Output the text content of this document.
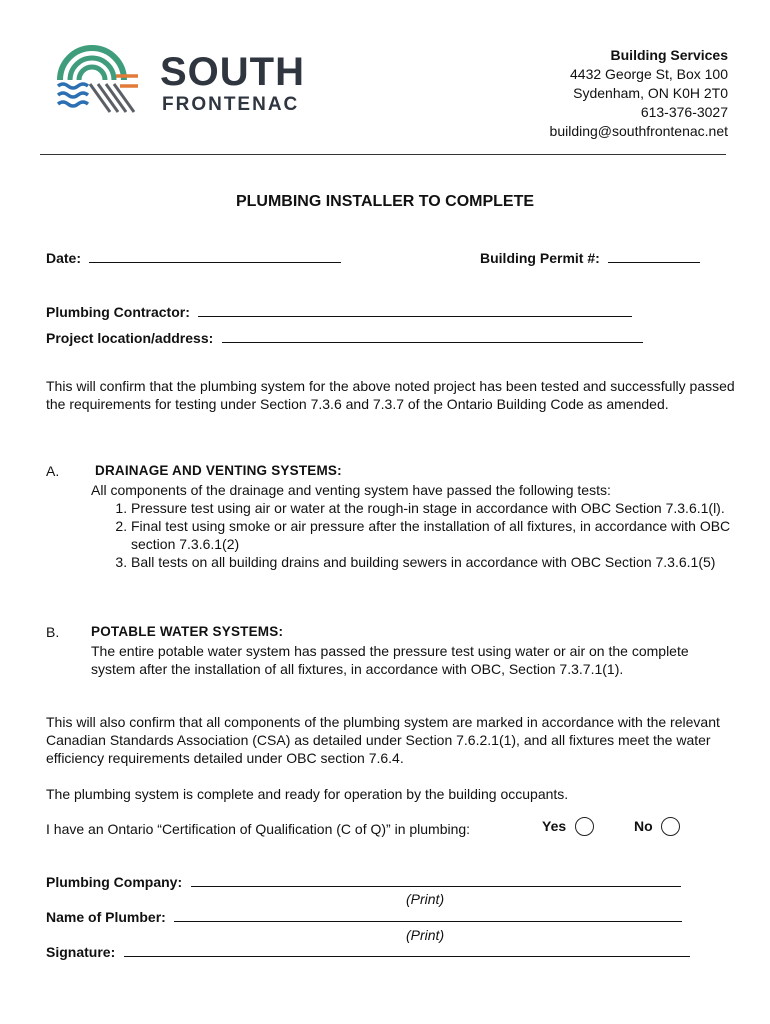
SOUTH
FRONTENAC
Building Services
4432 George St, Box 100
Sydenham, ON K0H 2T0
613-376-3027
building@southfrontenac.net
PLUMBING INSTALLER TO COMPLETE
Date:	Building Permit #:
Plumbing Contractor:
Project location/address:
This will confirm that the plumbing system for the above noted project has been tested and successfully passed the requirements for testing under Section 7.3.6 and 7.3.7 of the Ontario Building Code as amended.
A.	DRAINAGE AND VENTING SYSTEMS:
All components of the drainage and venting system have passed the following tests:
1. Pressure test using air or water at the rough-in stage in accordance with OBC Section 7.3.6.1(l).
2. Final test using smoke or air pressure after the installation of all fixtures, in accordance with OBC section 7.3.6.1(2)
3. Ball tests on all building drains and building sewers in accordance with OBC Section 7.3.6.1(5)
B. POTABLE WATER SYSTEMS:
The entire potable water system has passed the pressure test using water or air on the complete system after the installation of all fixtures, in accordance with OBC, Section 7.3.7.1(1).
This will also confirm that all components of the plumbing system are marked in accordance with the relevant Canadian Standards Association (CSA) as detailed under Section 7.6.2.1(1), and all fixtures meet the water efficiency requirements detailed under OBC section 7.6.4.
The plumbing system is complete and ready for operation by the building occupants.
I have an Ontario “Certification of Qualification (C of Q)” in plumbing:	Yes	No
Plumbing Company:
(Print)
Name of Plumber:
(Print)
Signature:
